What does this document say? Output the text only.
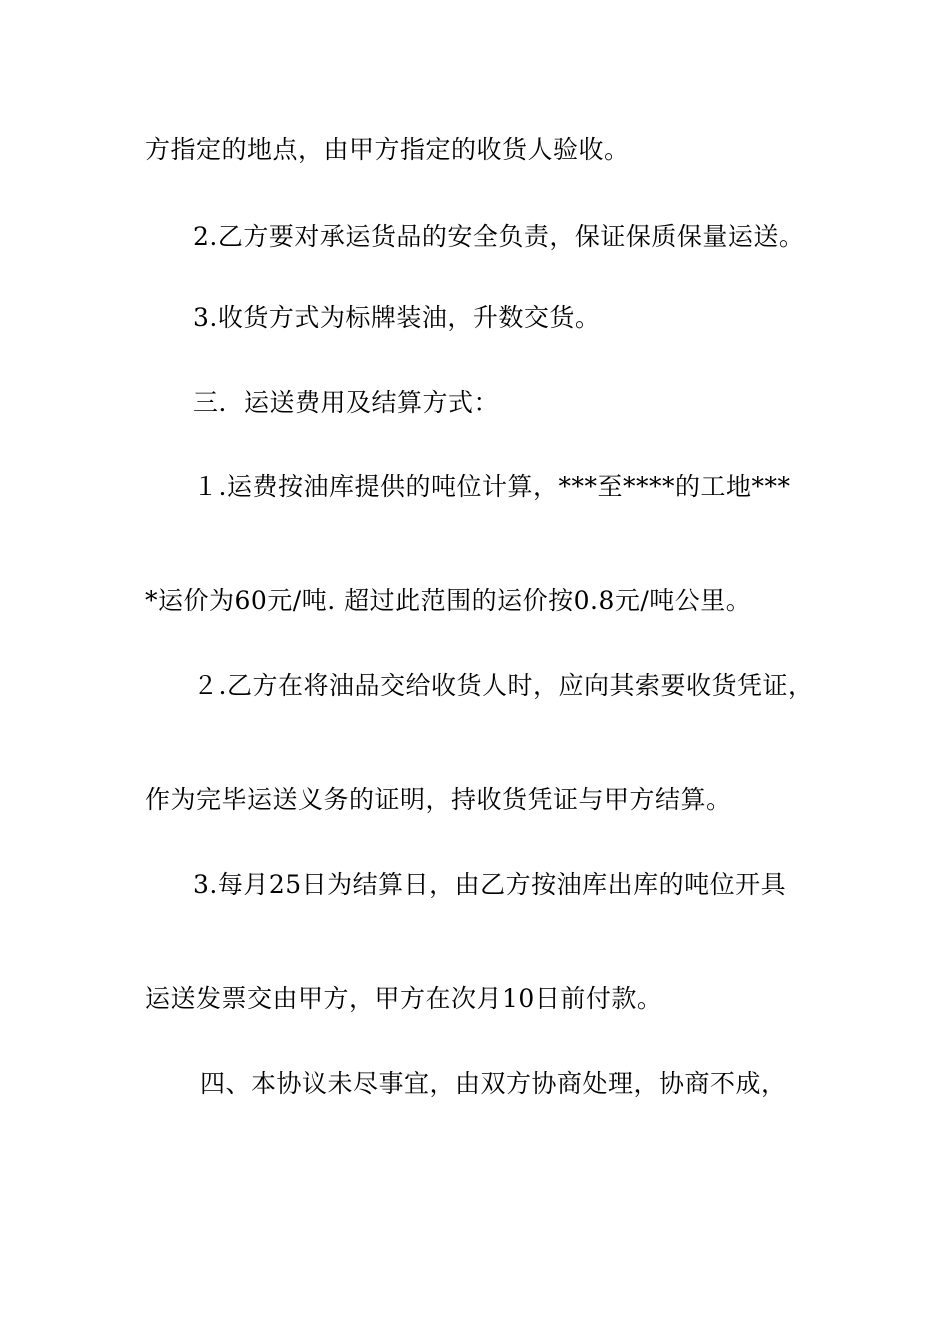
方指定的地点，由甲方指定的收货人验收。
2.乙方要对承运货品的安全负责，保证保质保量运送。
3.收货方式为标牌装油，升数交货。
三．运送费用及结算方式：
１.运费按油库提供的吨位计算，***至****的工地***
*运价为60元/吨. 超过此范围的运价按0.8元/吨公里。
２.乙方在将油品交给收货人时，应向其索要收货凭证，
作为完毕运送义务的证明，持收货凭证与甲方结算。
3.每月25日为结算日，由乙方按油库出库的吨位开具
运送发票交由甲方，甲方在次月10日前付款。
四、本协议未尽事宜，由双方协商处理，协商不成，
